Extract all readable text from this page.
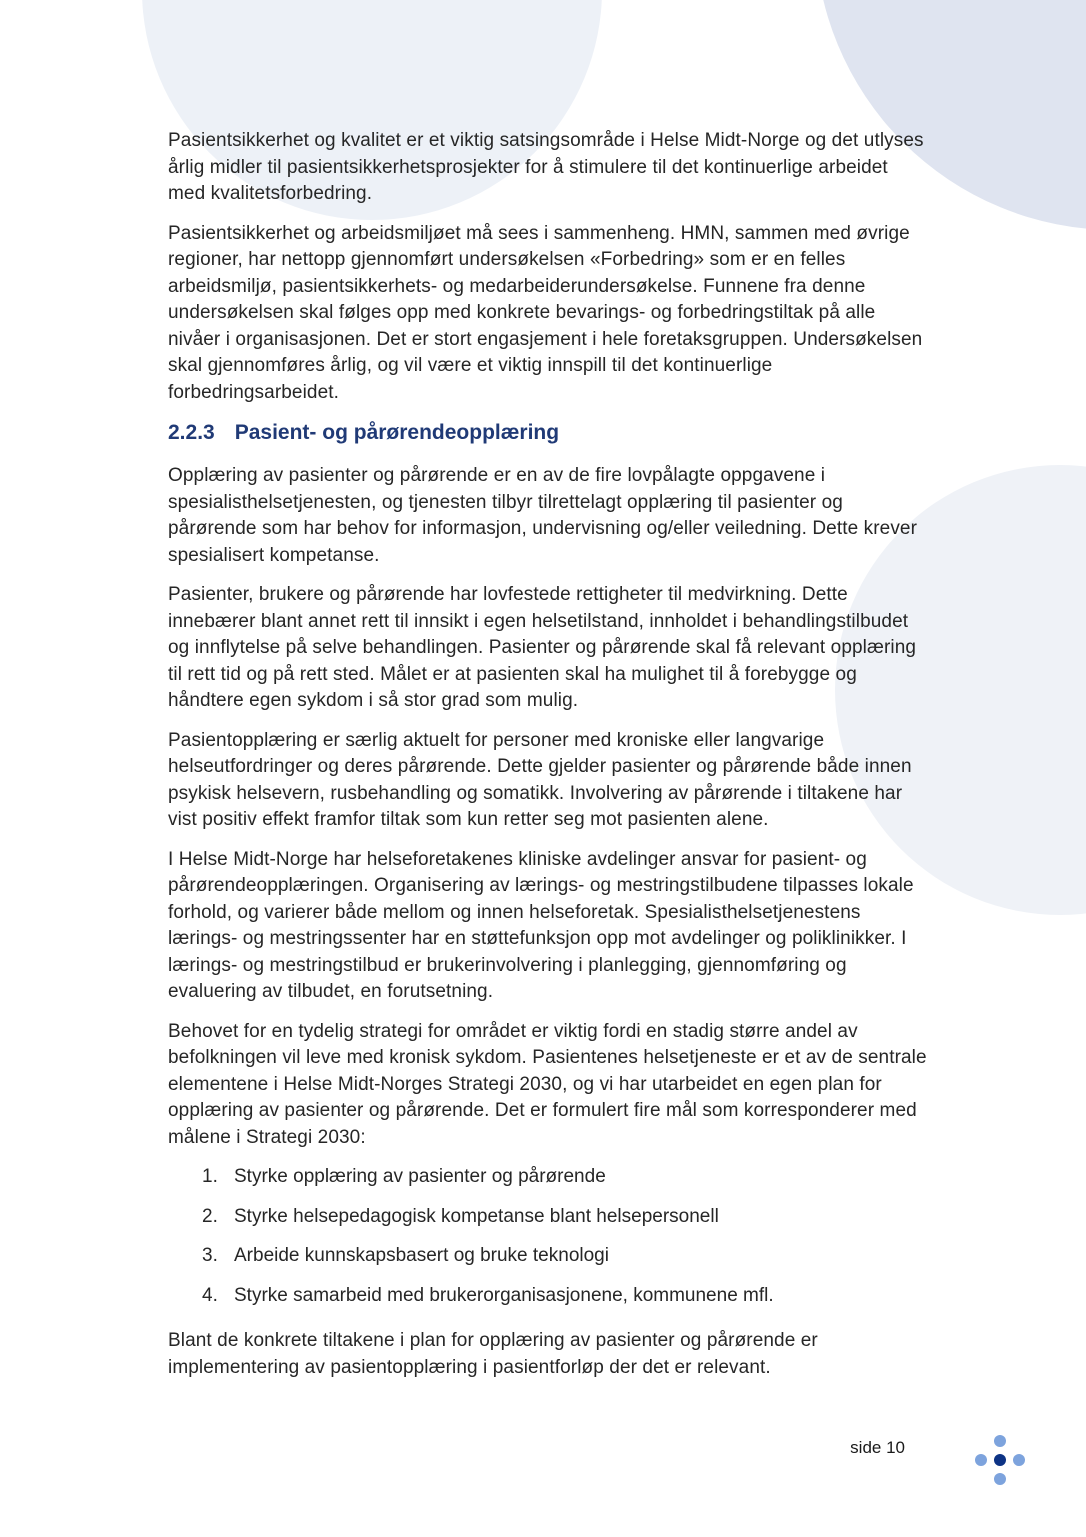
Pasientsikkerhet og kvalitet er et viktig satsingsområde i Helse Midt-Norge og det utlyses årlig midler til pasientsikkerhetsprosjekter for å stimulere til det kontinuerlige arbeidet med kvalitetsforbedring.

Pasientsikkerhet og arbeidsmiljøet må sees i sammenheng. HMN, sammen med øvrige regioner, har nettopp gjennomført undersøkelsen «Forbedring» som er en felles arbeidsmiljø, pasientsikkerhets- og medarbeiderundersøkelse. Funnene fra denne undersøkelsen skal følges opp med konkrete bevarings- og forbedringstiltak på alle nivåer i organisasjonen. Det er stort engasjement i hele foretaksgruppen. Undersøkelsen skal gjennomføres årlig, og vil være et viktig innspill til det kontinuerlige forbedringsarbeidet.

2.2.3 Pasient- og pårørendeopplæring

Opplæring av pasienter og pårørende er en av de fire lovpålagte oppgavene i spesialisthelsetjenesten, og tjenesten tilbyr tilrettelagt opplæring til pasienter og pårørende som har behov for informasjon, undervisning og/eller veiledning. Dette krever spesialisert kompetanse.

Pasienter, brukere og pårørende har lovfestede rettigheter til medvirkning. Dette innebærer blant annet rett til innsikt i egen helsetilstand, innholdet i behandlingstilbudet og innflytelse på selve behandlingen. Pasienter og pårørende skal få relevant opplæring til rett tid og på rett sted. Målet er at pasienten skal ha mulighet til å forebygge og håndtere egen sykdom i så stor grad som mulig.

Pasientopplæring er særlig aktuelt for personer med kroniske eller langvarige helseutfordringer og deres pårørende. Dette gjelder pasienter og pårørende både innen psykisk helsevern, rusbehandling og somatikk. Involvering av pårørende i tiltakene har vist positiv effekt framfor tiltak som kun retter seg mot pasienten alene.

I Helse Midt-Norge har helseforetakenes kliniske avdelinger ansvar for pasient- og pårørendeopplæringen. Organisering av lærings- og mestringstilbudene tilpasses lokale forhold, og varierer både mellom og innen helseforetak. Spesialisthelsetjenestens lærings- og mestringssenter har en støttefunksjon opp mot avdelinger og poliklinikker. I lærings- og mestringstilbud er brukerinvolvering i planlegging, gjennomføring og evaluering av tilbudet, en forutsetning.

Behovet for en tydelig strategi for området er viktig fordi en stadig større andel av befolkningen vil leve med kronisk sykdom. Pasientenes helsetjeneste er et av de sentrale elementene i Helse Midt-Norges Strategi 2030, og vi har utarbeidet en egen plan for opplæring av pasienter og pårørende. Det er formulert fire mål som korresponderer med målene i Strategi 2030:

1. Styrke opplæring av pasienter og pårørende
2. Styrke helsepedagogisk kompetanse blant helsepersonell
3. Arbeide kunnskapsbasert og bruke teknologi
4. Styrke samarbeid med brukerorganisasjonene, kommunene mfl.

Blant de konkrete tiltakene i plan for opplæring av pasienter og pårørende er implementering av pasientopplæring i pasientforløp der det er relevant.

side 10
